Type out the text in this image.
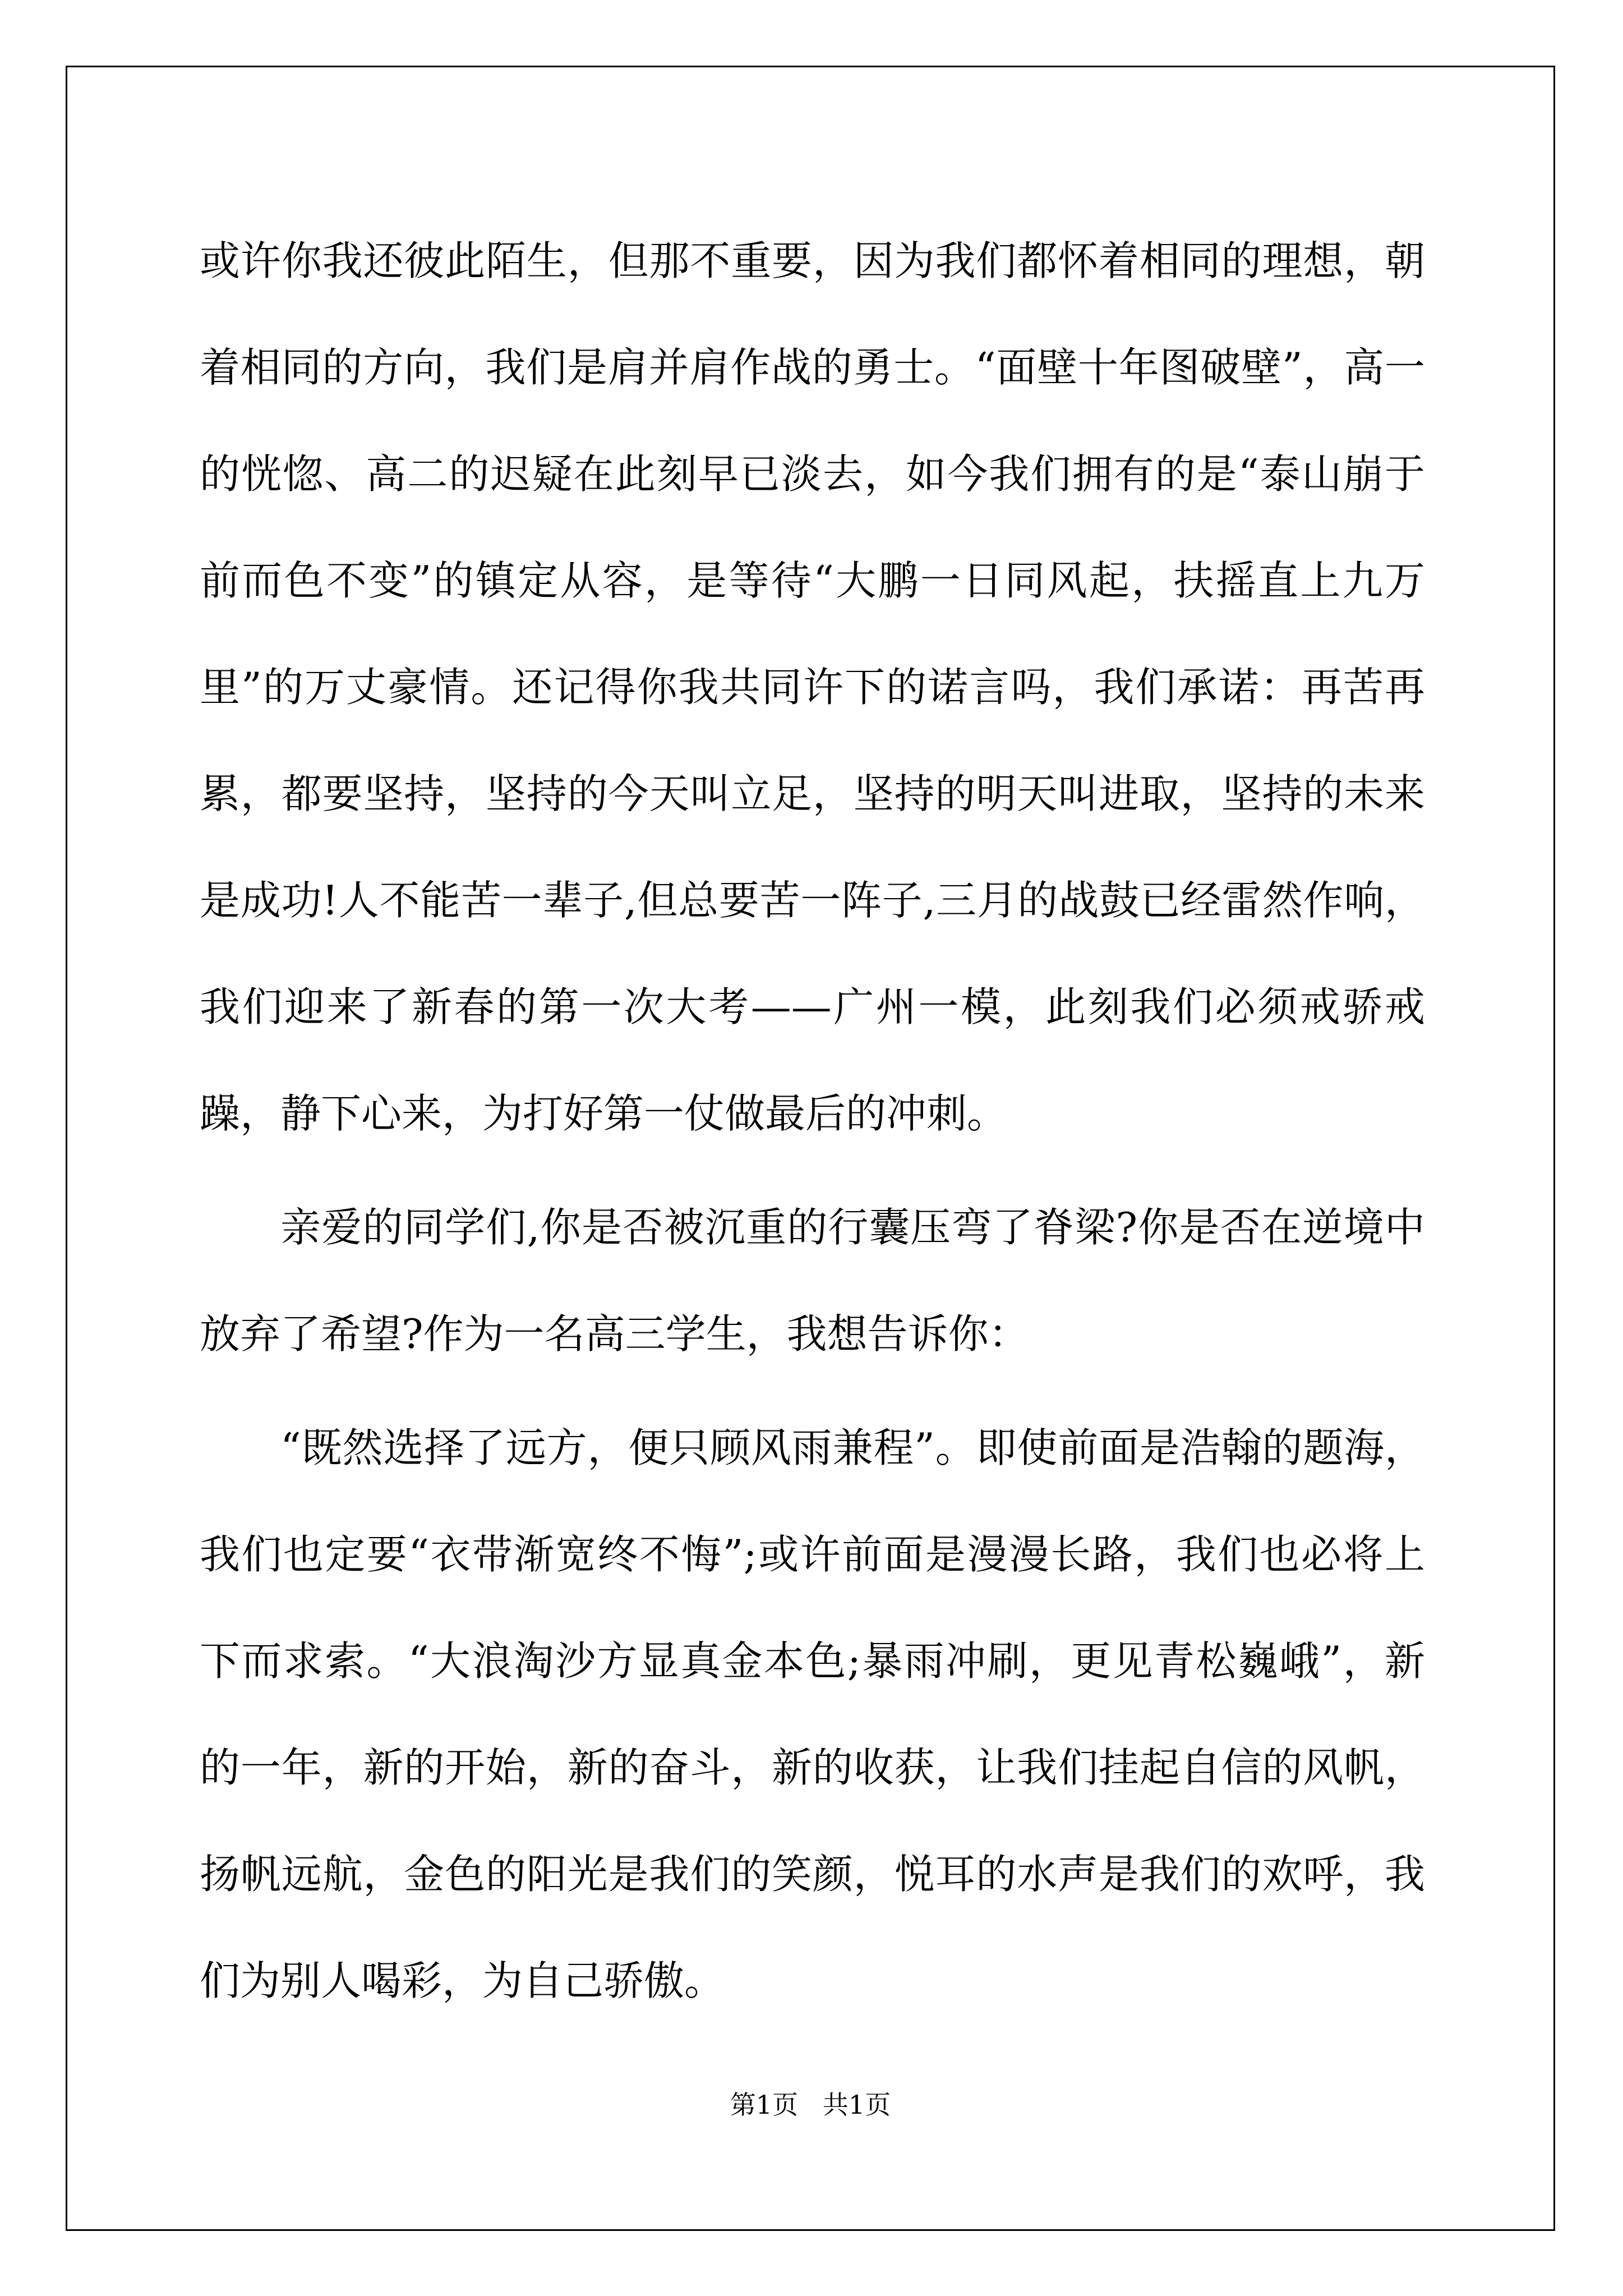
或许你我还彼此陌生，但那不重要，因为我们都怀着相同的理想，朝着相同的方向，我们是肩并肩作战的勇士。“面壁十年图破壁”，高一的恍惚、高二的迟疑在此刻早已淡去，如今我们拥有的是“泰山崩于前而色不变”的镇定从容，是等待“大鹏一日同风起，扶摇直上九万里”的万丈豪情。还记得你我共同许下的诺言吗，我们承诺：再苦再累，都要坚持，坚持的今天叫立足，坚持的明天叫进取，坚持的未来是成功!人不能苦一辈子,但总要苦一阵子,三月的战鼓已经雷然作响，我们迎来了新春的第一次大考——广州一模，此刻我们必须戒骄戒躁，静下心来，为打好第一仗做最后的冲刺。

亲爱的同学们,你是否被沉重的行囊压弯了脊梁?你是否在逆境中放弃了希望?作为一名高三学生，我想告诉你：

“既然选择了远方，便只顾风雨兼程”。即使前面是浩翰的题海，我们也定要“衣带渐宽终不悔”;或许前面是漫漫长路，我们也必将上下而求索。“大浪淘沙方显真金本色;暴雨冲刷，更见青松巍峨”，新的一年，新的开始，新的奋斗，新的收获，让我们挂起自信的风帆，扬帆远航，金色的阳光是我们的笑颜，悦耳的水声是我们的欢呼，我们为别人喝彩，为自己骄傲。

第1页   共1页
